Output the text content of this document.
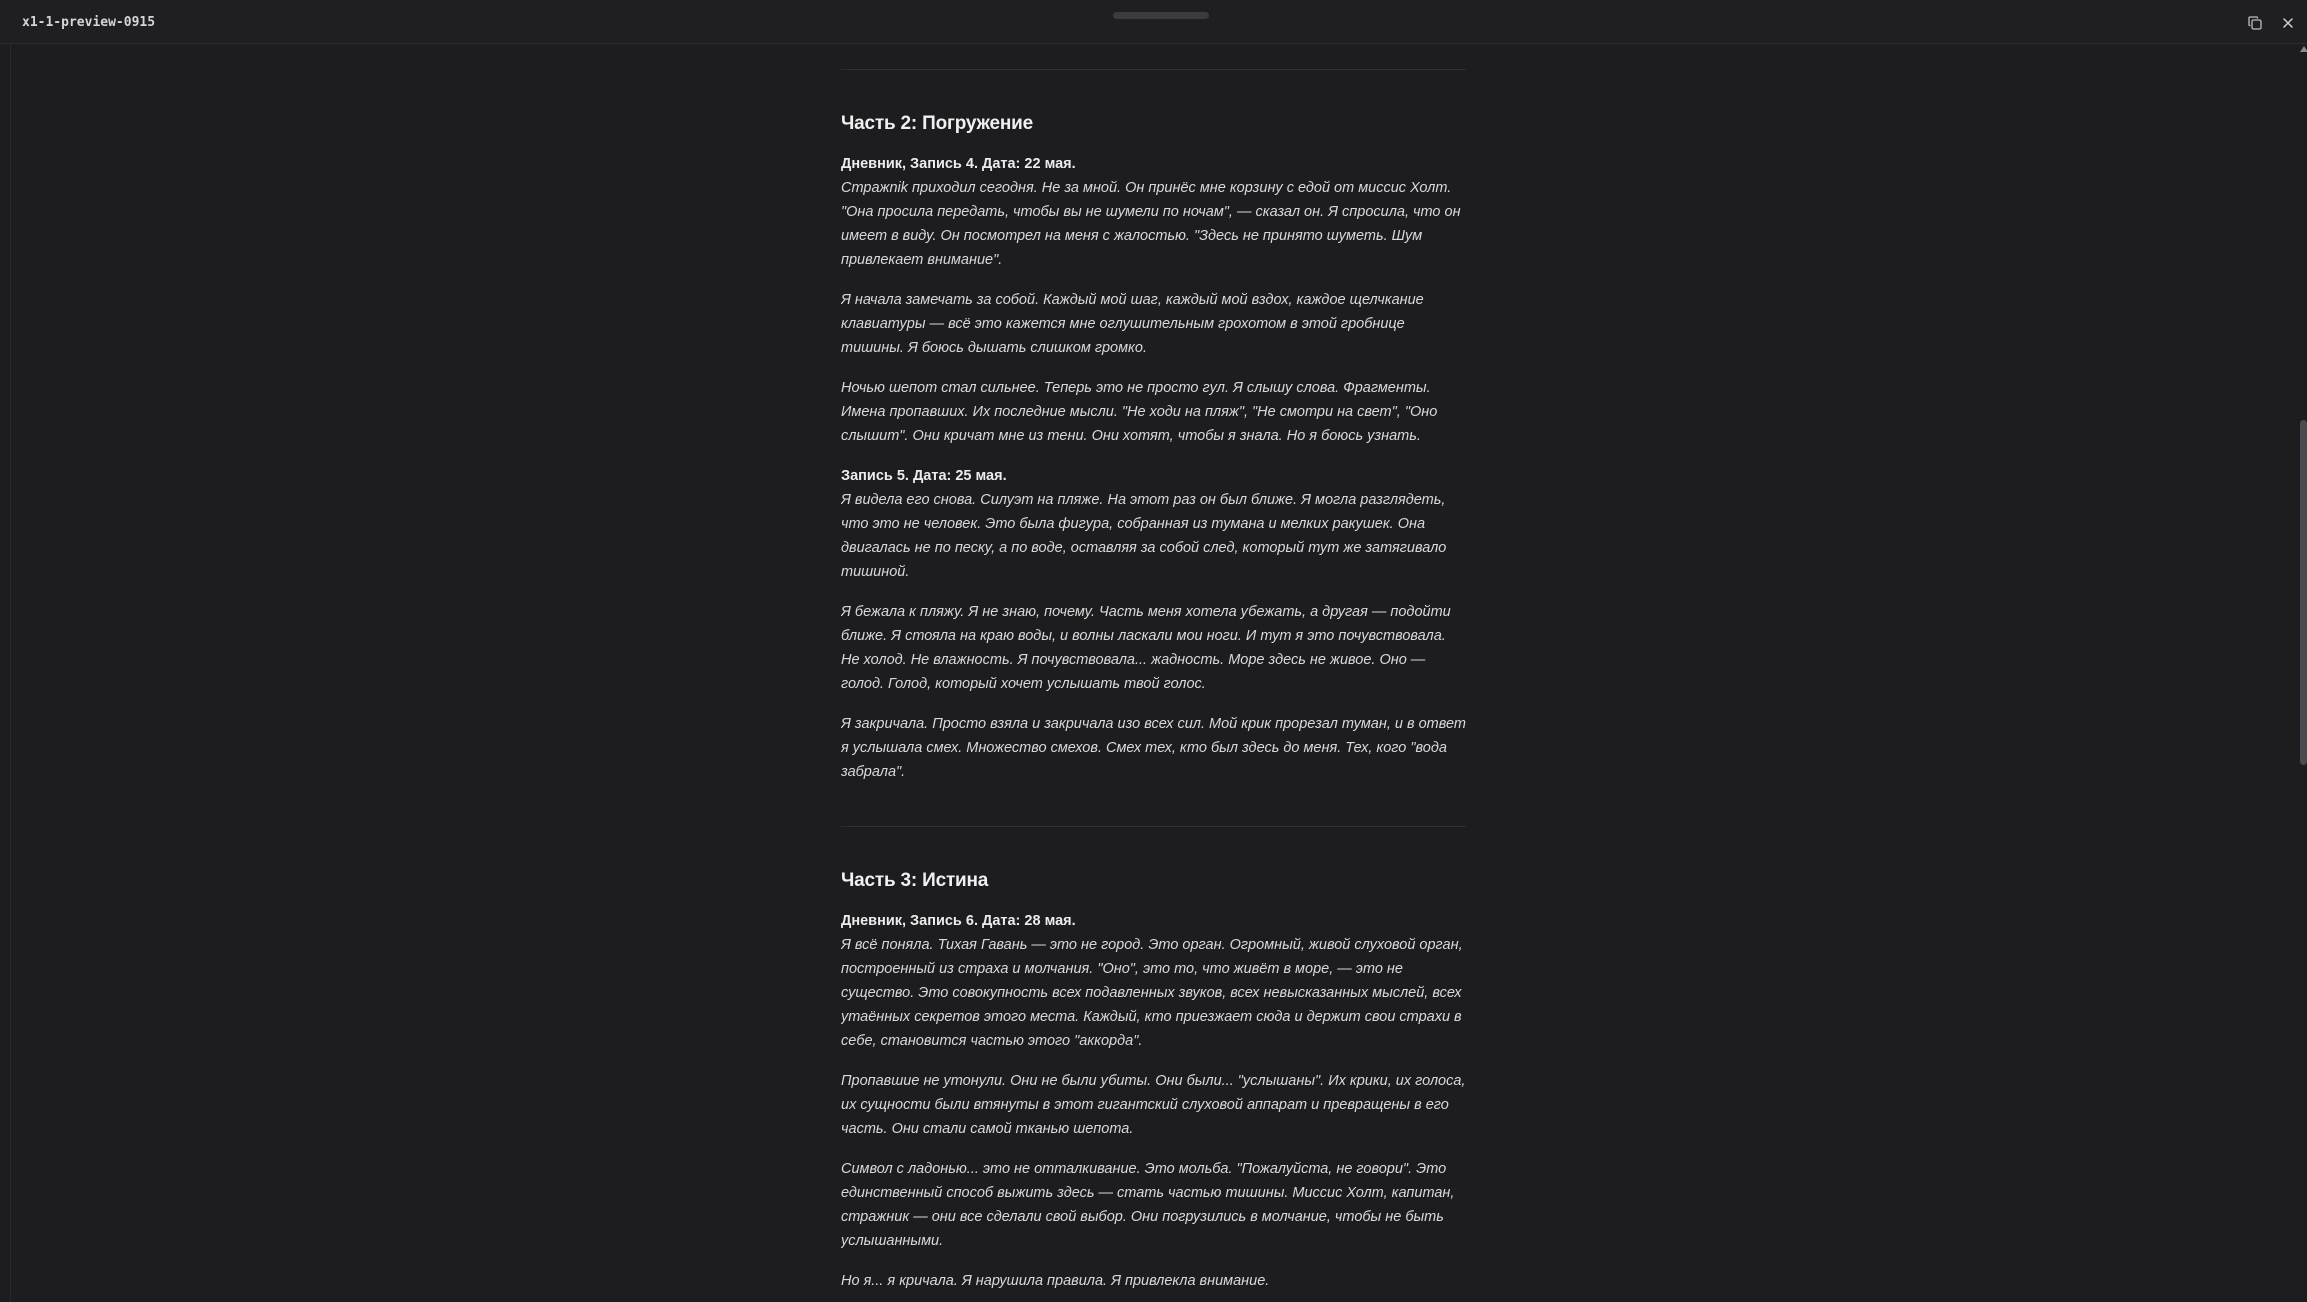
x1-1-preview-0915
Часть 2: Погружение
Дневник, Запись 4. Дата: 22 мая.

Стражnik приходил сегодня. Не за мной. Он принёс мне корзину с едой от миссис Холт. "Она просила передать, чтобы вы не шумели по ночам", — сказал он. Я спросила, что он имеет в виду. Он посмотрел на меня с жалостью. "Здесь не принято шуметь. Шум привлекает внимание".

Я начала замечать за собой. Каждый мой шаг, каждый мой вздох, каждое щелчкание клавиатуры — всё это кажется мне оглушительным грохотом в этой гробнице тишины. Я боюсь дышать слишком громко.

Ночью шепот стал сильнее. Теперь это не просто гул. Я слышу слова. Фрагменты. Имена пропавших. Их последние мысли. "Не ходи на пляж", "Не смотри на свет", "Оно слышит". Они кричат мне из тени. Они хотят, чтобы я знала. Но я боюсь узнать.

Запись 5. Дата: 25 мая.

Я видела его снова. Силуэт на пляже. На этот раз он был ближе. Я могла разглядеть, что это не человек. Это была фигура, собранная из тумана и мелких ракушек. Она двигалась не по песку, а по воде, оставляя за собой след, который тут же затягивало тишиной.

Я бежала к пляжу. Я не знаю, почему. Часть меня хотела убежать, а другая — подойти ближе. Я стояла на краю воды, и волны ласкали мои ноги. И тут я это почувствовала. Не холод. Не влажность. Я почувствовала... жадность. Море здесь не живое. Оно — голод. Голод, который хочет услышать твой голос.

Я закричала. Просто взяла и закричала изо всех сил. Мой крик прорезал туман, и в ответ я услышала смех. Множество смехов. Смех тех, кто был здесь до меня. Тех, кого "вода забрала".

Часть 3: Истина
Дневник, Запись 6. Дата: 28 мая.

Я всё поняла. Тихая Гавань — это не город. Это орган. Огромный, живой слуховой орган, построенный из страха и молчания. "Оно", это то, что живёт в море, — это не существо. Это совокупность всех подавленных звуков, всех невысказанных мыслей, всех утаённых секретов этого места. Каждый, кто приезжает сюда и держит свои страхи в себе, становится частью этого "аккорда".

Пропавшие не утонули. Они не были убиты. Они были... "услышаны". Их крики, их голоса, их сущности были втянуты в этот гигантский слуховой аппарат и превращены в его часть. Они стали самой тканью шепота.

Символ с ладонью... это не отталкивание. Это мольба. "Пожалуйста, не говори". Это единственный способ выжить здесь — стать частью тишины. Миссис Холт, капитан, стражник — они все сделали свой выбор. Они погрузились в молчание, чтобы не быть услышанными.

Но я... я кричала. Я нарушила правила. Я привлекла внимание.
